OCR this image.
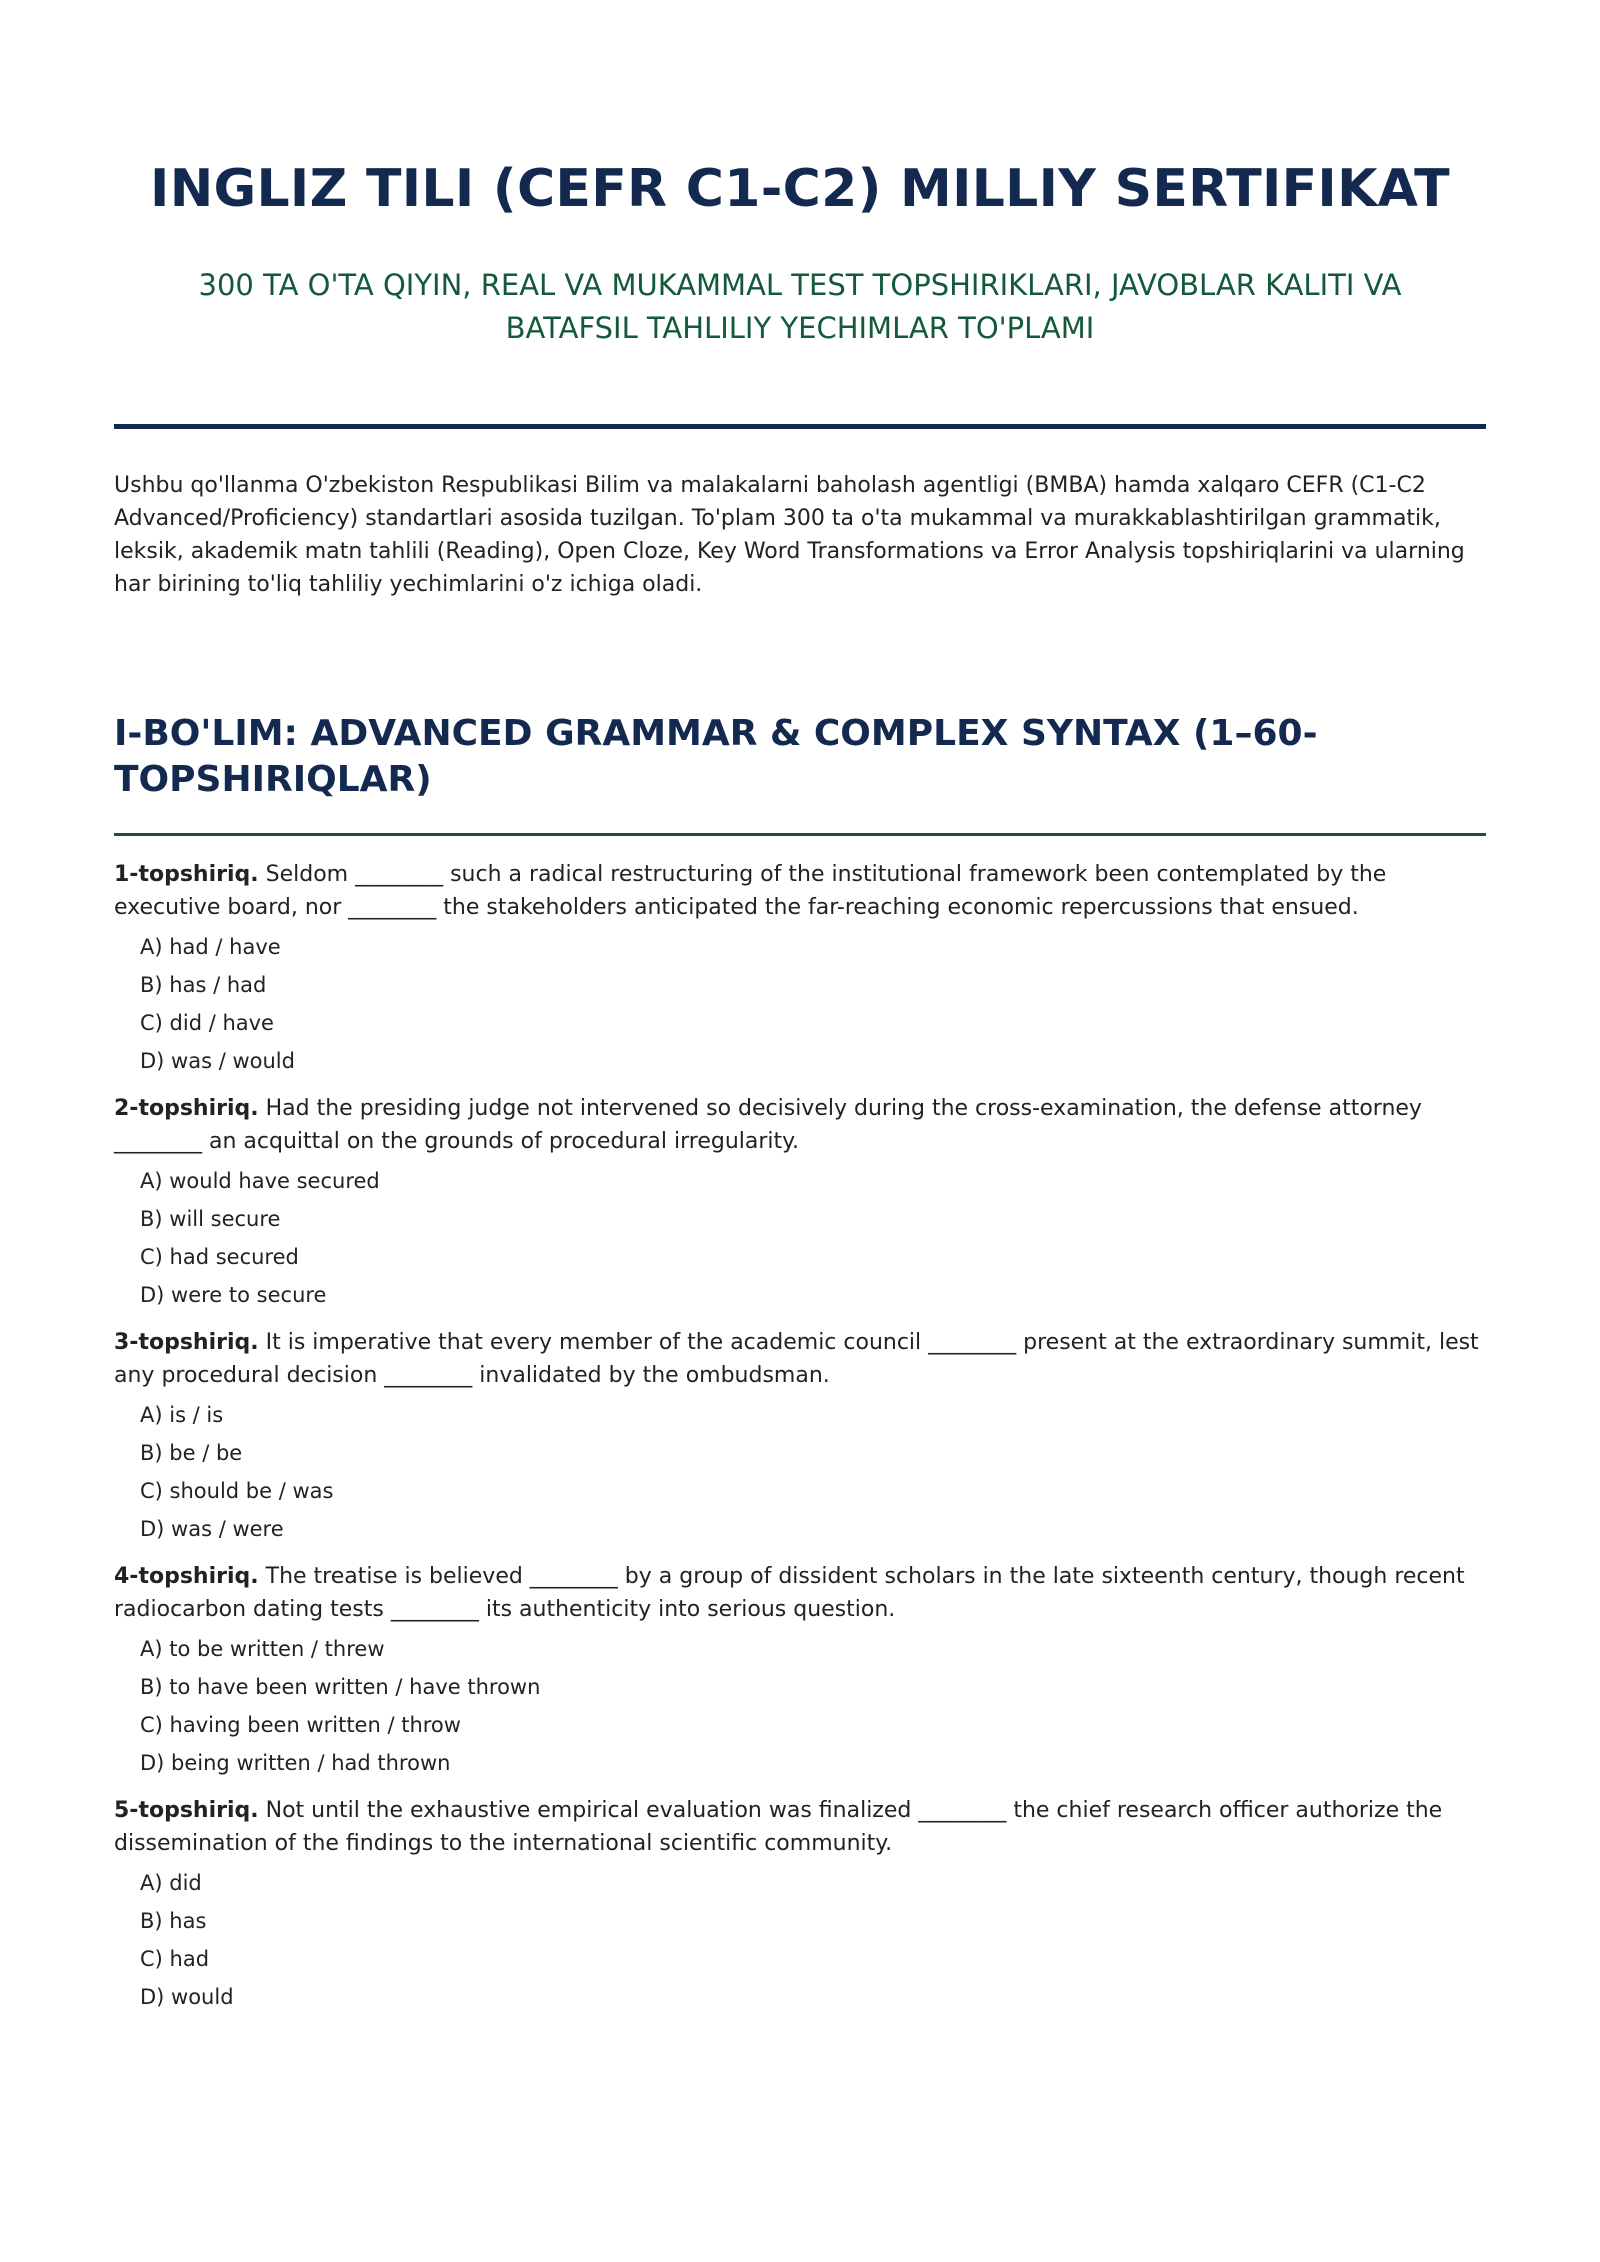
INGLIZ TILI (CEFR C1-C2) MILLIY SERTIFIKAT
300 TA O'TA QIYIN, REAL VA MUKAMMAL TEST TOPSHIRIKLARI, JAVOBLAR KALITI VA BATAFSIL TAHLILIY YECHIMLAR TO'PLAMI

Ushbu qo'llanma O'zbekiston Respublikasi Bilim va malakalarni baholash agentligi (BMBA) hamda xalqaro CEFR (C1-C2 Advanced/Proficiency) standartlari asosida tuzilgan. To'plam 300 ta o'ta mukammal va murakkablashtirilgan grammatik, leksik, akademik matn tahlili (Reading), Open Cloze, Key Word Transformations va Error Analysis topshiriqlarini va ularning har birining to'liq tahliliy yechimlarini o'z ichiga oladi.

I-BO'LIM: ADVANCED GRAMMAR & COMPLEX SYNTAX (1–60-TOPSHIRIQLAR)

1-topshiriq. Seldom ________ such a radical restructuring of the institutional framework been contemplated by the executive board, nor ________ the stakeholders anticipated the far-reaching economic repercussions that ensued.

A) had / have
B) has / had
C) did / have
D) was / would

2-topshiriq. Had the presiding judge not intervened so decisively during the cross-examination, the defense attorney ________ an acquittal on the grounds of procedural irregularity.

A) would have secured
B) will secure
C) had secured
D) were to secure

3-topshiriq. It is imperative that every member of the academic council ________ present at the extraordinary summit, lest any procedural decision ________ invalidated by the ombudsman.

A) is / is
B) be / be
C) should be / was
D) was / were

4-topshiriq. The treatise is believed ________ by a group of dissident scholars in the late sixteenth century, though recent radiocarbon dating tests ________ its authenticity into serious question.

A) to be written / threw
B) to have been written / have thrown
C) having been written / throw
D) being written / had thrown

5-topshiriq. Not until the exhaustive empirical evaluation was finalized ________ the chief research officer authorize the dissemination of the findings to the international scientific community.

A) did
B) has
C) had
D) would
